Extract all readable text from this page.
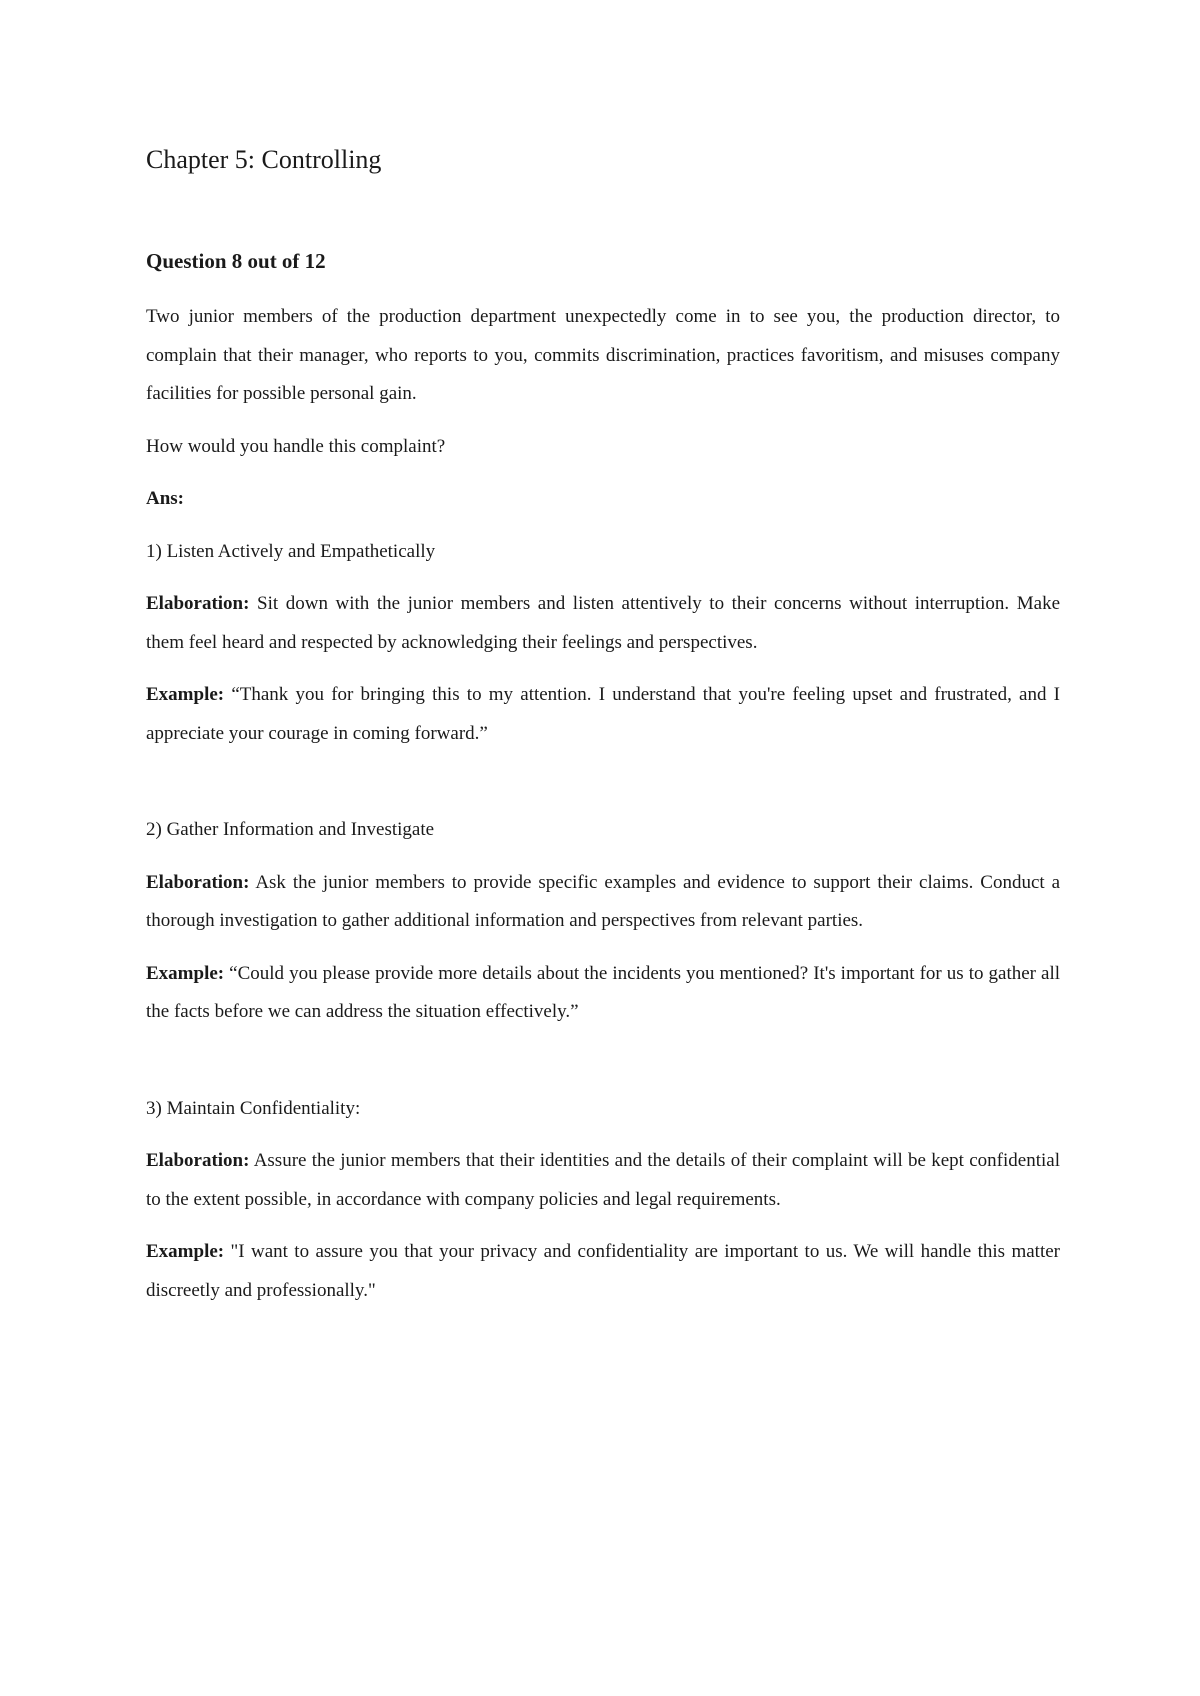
Chapter 5: Controlling
Question 8 out of 12

Two junior members of the production department unexpectedly come in to see you, the production director, to complain that their manager, who reports to you, commits discrimination, practices favoritism, and misuses company facilities for possible personal gain.

How would you handle this complaint?

Ans:

1) Listen Actively and Empathetically

Elaboration: Sit down with the junior members and listen attentively to their concerns without interruption. Make them feel heard and respected by acknowledging their feelings and perspectives.

Example: “Thank you for bringing this to my attention. I understand that you're feeling upset and frustrated, and I appreciate your courage in coming forward.”

2) Gather Information and Investigate

Elaboration: Ask the junior members to provide specific examples and evidence to support their claims. Conduct a thorough investigation to gather additional information and perspectives from relevant parties.

Example: “Could you please provide more details about the incidents you mentioned? It's important for us to gather all the facts before we can address the situation effectively.”

3) Maintain Confidentiality:

Elaboration: Assure the junior members that their identities and the details of their complaint will be kept confidential to the extent possible, in accordance with company policies and legal requirements.

Example: "I want to assure you that your privacy and confidentiality are important to us. We will handle this matter discreetly and professionally."
